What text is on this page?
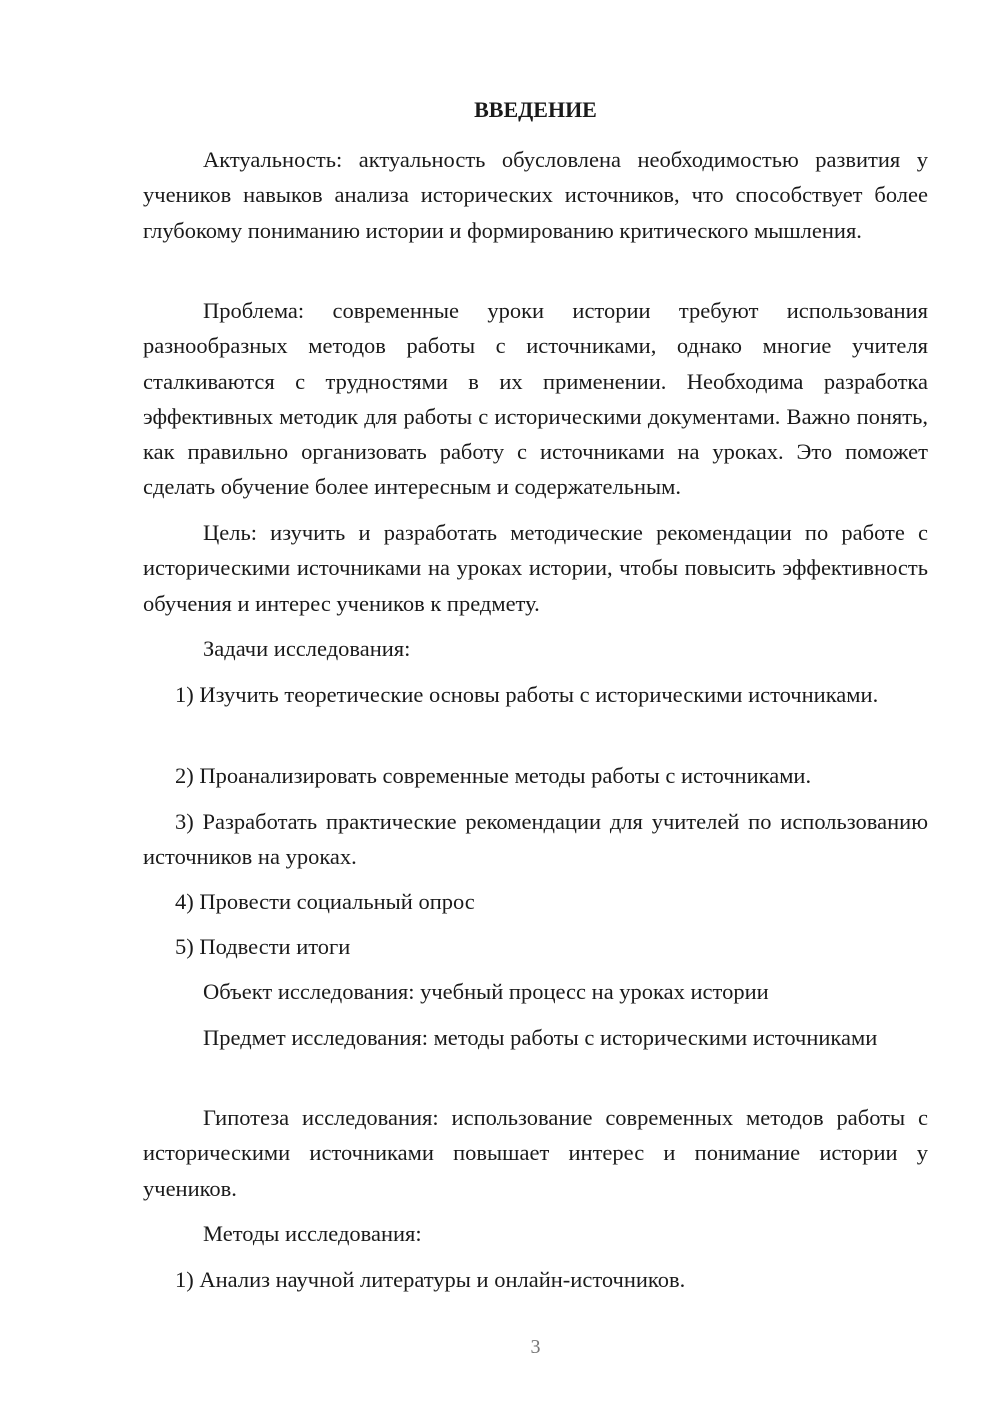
ВВЕДЕНИЕ

Актуальность: актуальность обусловлена необходимостью развития у учеников навыков анализа исторических источников, что способствует более глубокому пониманию истории и формированию критического мышления.

Проблема: современные уроки истории требуют использования разнообразных методов работы с источниками, однако многие учителя сталкиваются с трудностями в их применении. Необходима разработка эффективных методик для работы с историческими документами. Важно понять, как правильно организовать работу с источниками на уроках. Это поможет сделать обучение более интересным и содержательным.

Цель: изучить и разработать методические рекомендации по работе с историческими источниками на уроках истории, чтобы повысить эффективность обучения и интерес учеников к предмету.

Задачи исследования:

1) Изучить теоретические основы работы с историческими источниками.

2) Проанализировать современные методы работы с источниками.

3) Разработать практические рекомендации для учителей по использованию источников на уроках.

4) Провести социальный опрос

5) Подвести итоги

Объект исследования: учебный процесс на уроках истории

Предмет исследования: методы работы с историческими источниками

Гипотеза исследования: использование современных методов работы с историческими источниками повышает интерес и понимание истории у учеников.

Методы исследования:

1) Анализ научной литературы и онлайн-источников.

3
